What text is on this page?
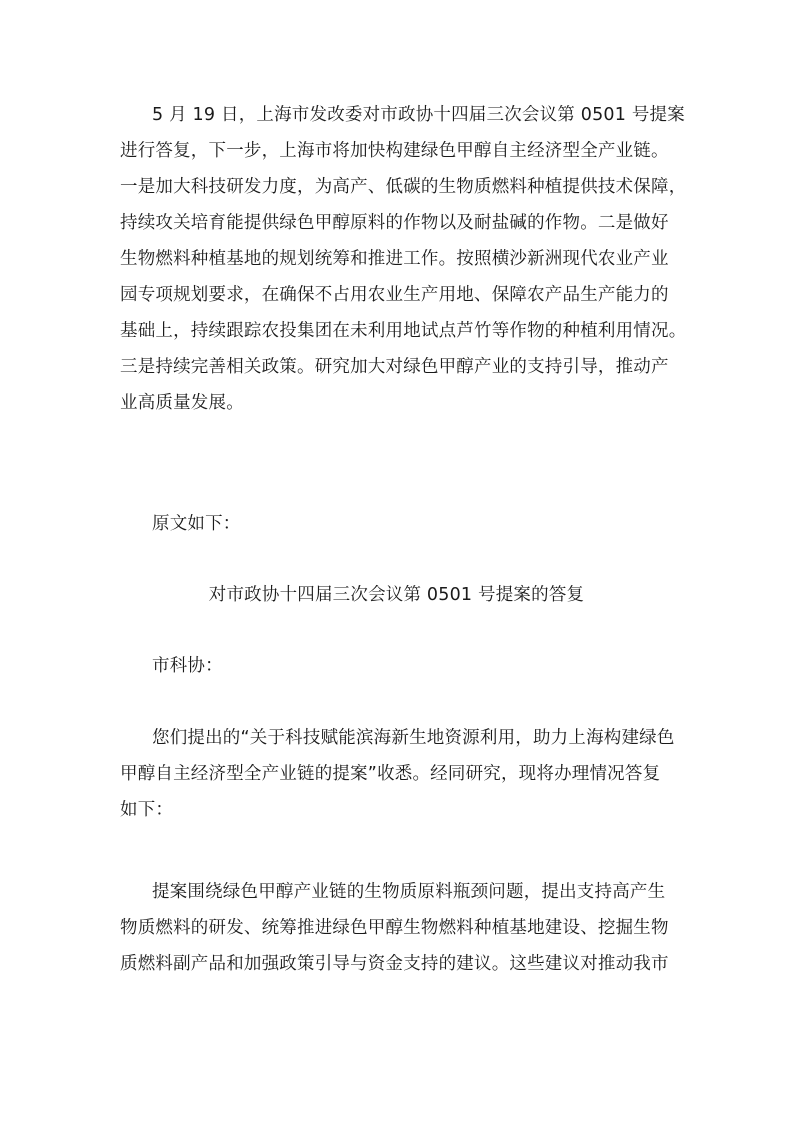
5 月 19 日，上海市发改委对市政协十四届三次会议第 0501 号提案
进行答复，下一步，上海市将加快构建绿色甲醇自主经济型全产业链。
一是加大科技研发力度，为高产、低碳的生物质燃料种植提供技术保障，
持续攻关培育能提供绿色甲醇原料的作物以及耐盐碱的作物。二是做好
生物燃料种植基地的规划统筹和推进工作。按照横沙新洲现代农业产业
园专项规划要求，在确保不占用农业生产用地、保障农产品生产能力的
基础上，持续跟踪农投集团在未利用地试点芦竹等作物的种植利用情况。
三是持续完善相关政策。研究加大对绿色甲醇产业的支持引导，推动产
业高质量发展。
原文如下：
对市政协十四届三次会议第 0501 号提案的答复
市科协：
您们提出的“关于科技赋能滨海新生地资源利用，助力上海构建绿色
甲醇自主经济型全产业链的提案”收悉。经同研究，现将办理情况答复
如下：
提案围绕绿色甲醇产业链的生物质原料瓶颈问题，提出支持高产生
物质燃料的研发、统筹推进绿色甲醇生物燃料种植基地建设、挖掘生物
质燃料副产品和加强政策引导与资金支持的建议。这些建议对推动我市
